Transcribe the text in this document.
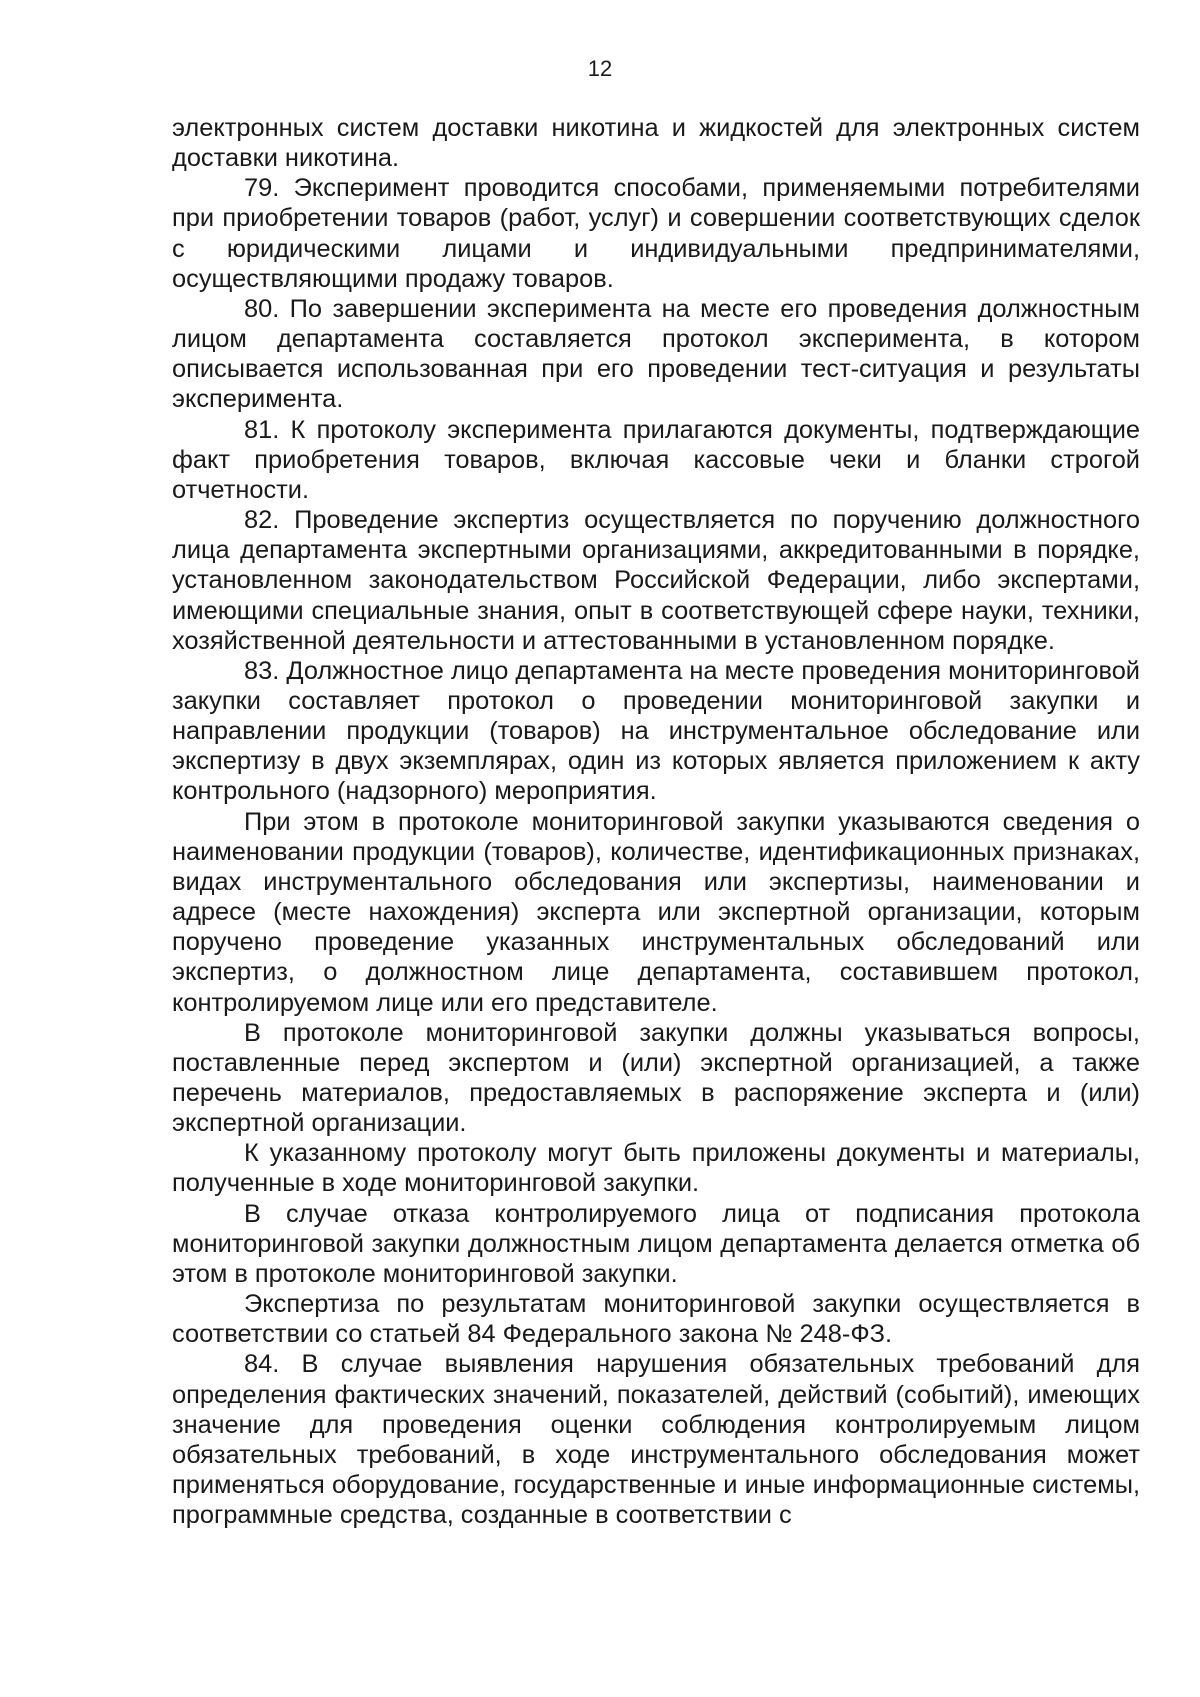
12

электронных систем доставки никотина и жидкостей для электронных систем доставки никотина.

79. Эксперимент проводится способами, применяемыми потребителями при приобретении товаров (работ, услуг) и совершении соответствующих сделок с юридическими лицами и индивидуальными предпринимателями, осуществляющими продажу товаров.

80. По завершении эксперимента на месте его проведения должностным лицом департамента составляется протокол эксперимента, в котором описывается использованная при его проведении тест-ситуация и результаты эксперимента.

81. К протоколу эксперимента прилагаются документы, подтверждающие факт приобретения товаров, включая кассовые чеки и бланки строгой отчетности.

82. Проведение экспертиз осуществляется по поручению должностного лица департамента экспертными организациями, аккредитованными в порядке, установленном законодательством Российской Федерации, либо экспертами, имеющими специальные знания, опыт в соответствующей сфере науки, техники, хозяйственной деятельности и аттестованными в установленном порядке.

83. Должностное лицо департамента на месте проведения мониторинговой закупки составляет протокол о проведении мониторинговой закупки и направлении продукции (товаров) на инструментальное обследование или экспертизу в двух экземплярах, один из которых является приложением к акту контрольного (надзорного) мероприятия.

При этом в протоколе мониторинговой закупки указываются сведения о наименовании продукции (товаров), количестве, идентификационных признаках, видах инструментального обследования или экспертизы, наименовании и адресе (месте нахождения) эксперта или экспертной организации, которым поручено проведение указанных инструментальных обследований или экспертиз, о должностном лице департамента, составившем протокол, контролируемом лице или его представителе.

В протоколе мониторинговой закупки должны указываться вопросы, поставленные перед экспертом и (или) экспертной организацией, а также перечень материалов, предоставляемых в распоряжение эксперта и (или) экспертной организации.

К указанному протоколу могут быть приложены документы и материалы, полученные в ходе мониторинговой закупки.

В случае отказа контролируемого лица от подписания протокола мониторинговой закупки должностным лицом департамента делается отметка об этом в протоколе мониторинговой закупки.

Экспертиза по результатам мониторинговой закупки осуществляется в соответствии со статьей 84 Федерального закона № 248-ФЗ.

84. В случае выявления нарушения обязательных требований для определения фактических значений, показателей, действий (событий), имеющих значение для проведения оценки соблюдения контролируемым лицом обязательных требований, в ходе инструментального обследования может применяться оборудование, государственные и иные информационные системы, программные средства, созданные в соответствии с
